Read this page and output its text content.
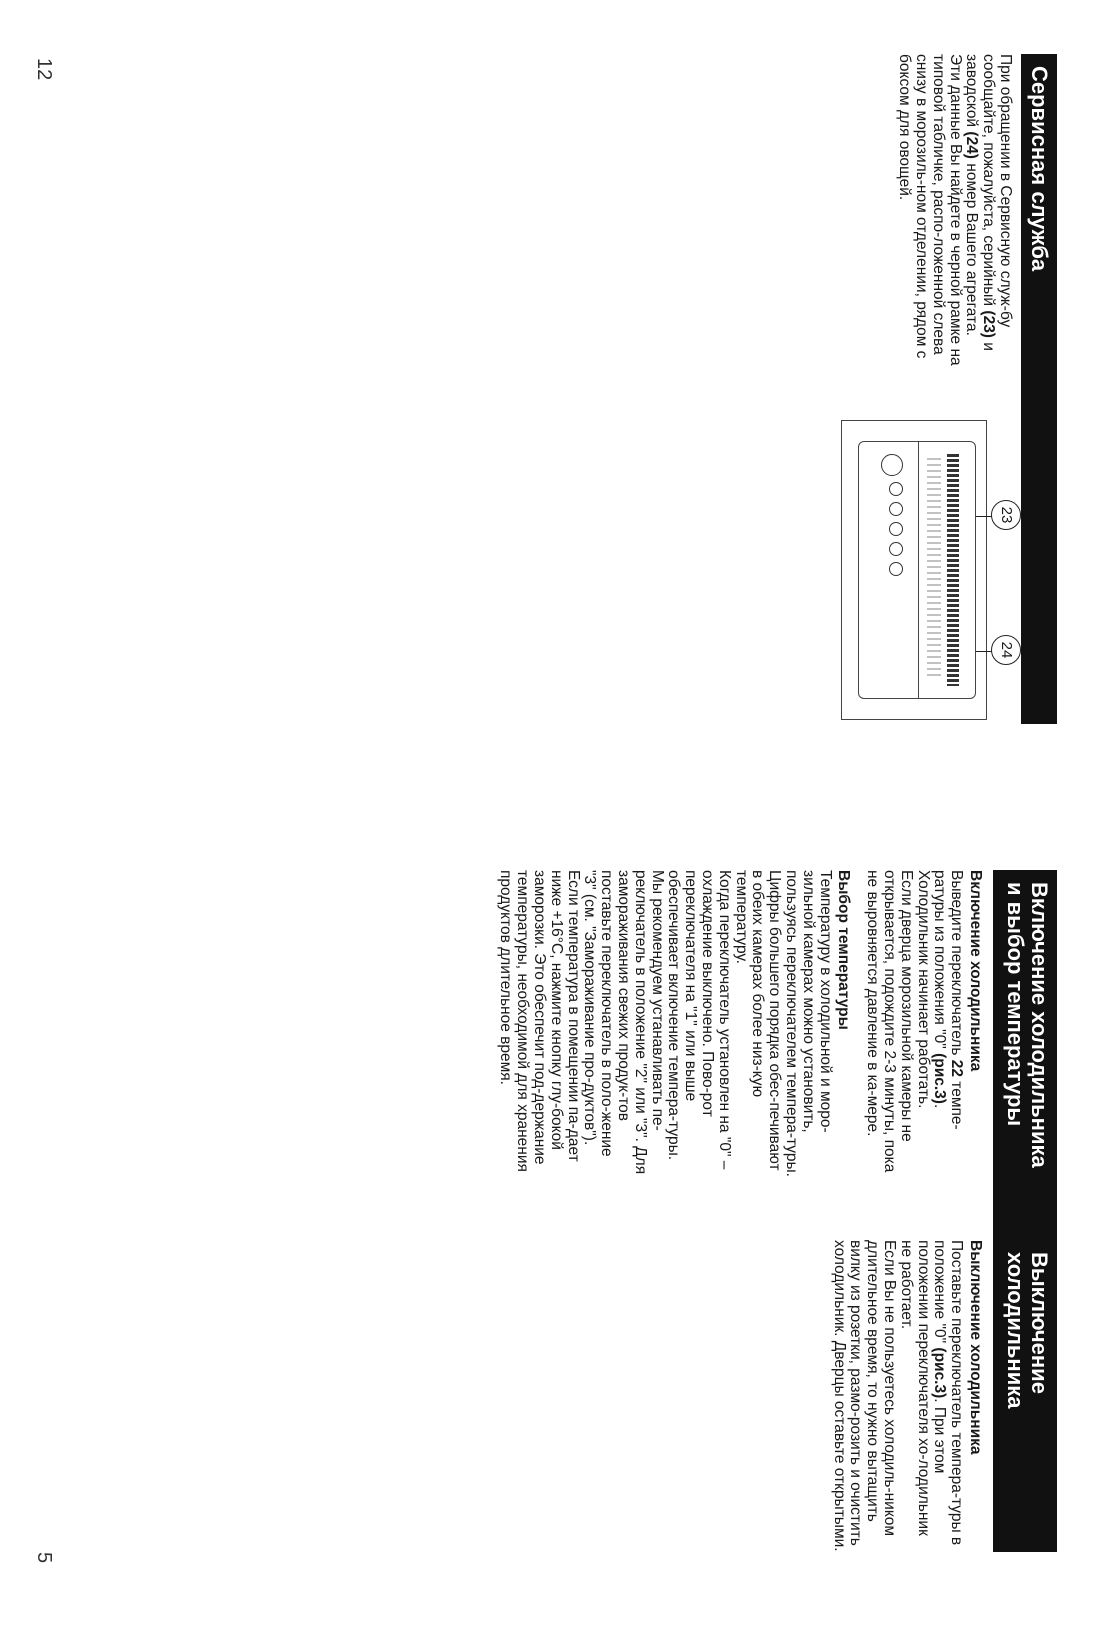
12
5
Сервисная служба

При обращении в Сервисную служ-бу сообщайте, пожалуйста, серийный (23) и заводской (24) номер Вашего агрегата.

Эти данные Вы найдете в черной рамке на типовой табличке, распо-ложенной слева снизу в морозиль-ном отделении, рядом с боксом для овощей.

23
24
Включение холодильника
и выбор температуры
Включение холодильника

Выведите переключатель 22 темпе-ратуры из положения "0" (рис.3). Холодильник начинает работать.

Если дверца морозильной камеры не открывается, подождите 2-3 минуты, пока не выровняется давление в ка-мере.

Выбор температуры

Температуру в холодильной и моро-зильной камерах можно установить, пользуясь переключателем темпера-туры. Цифры большего порядка обес-печивают в обеих камерах более низ-кую температуру.

Когда переключатель установлен на "0" – охлаждение выключено. Пово-рот переключателя на "1" или выше обеспечивает включение темпера-туры.

Мы рекомендуем устанавливать пе-реключатель в положение "2" или "3". Для замораживания свежих продук-тов поставьте переключатель в поло-жение "3" (см. "Замораживание про-дуктов").

Если температура в помещении па-дает ниже +16°С, нажмите кнопку глу-бокой заморозки. Это обеспечит под-держание температуры, необходимой для хранения продуктов длительное время.

Выключение
холодильника
Выключение холодильника

Поставьте переключатель темпера-туры в положение "0" (рис.3). При этом положении переключателя хо-лодильник не работает.

Если Вы не пользуетесь холодиль-ником длительное время, то нужно вытащить вилку из розетки, размо-розить и очистить холодильник. Дверцы оставьте открытыми.
